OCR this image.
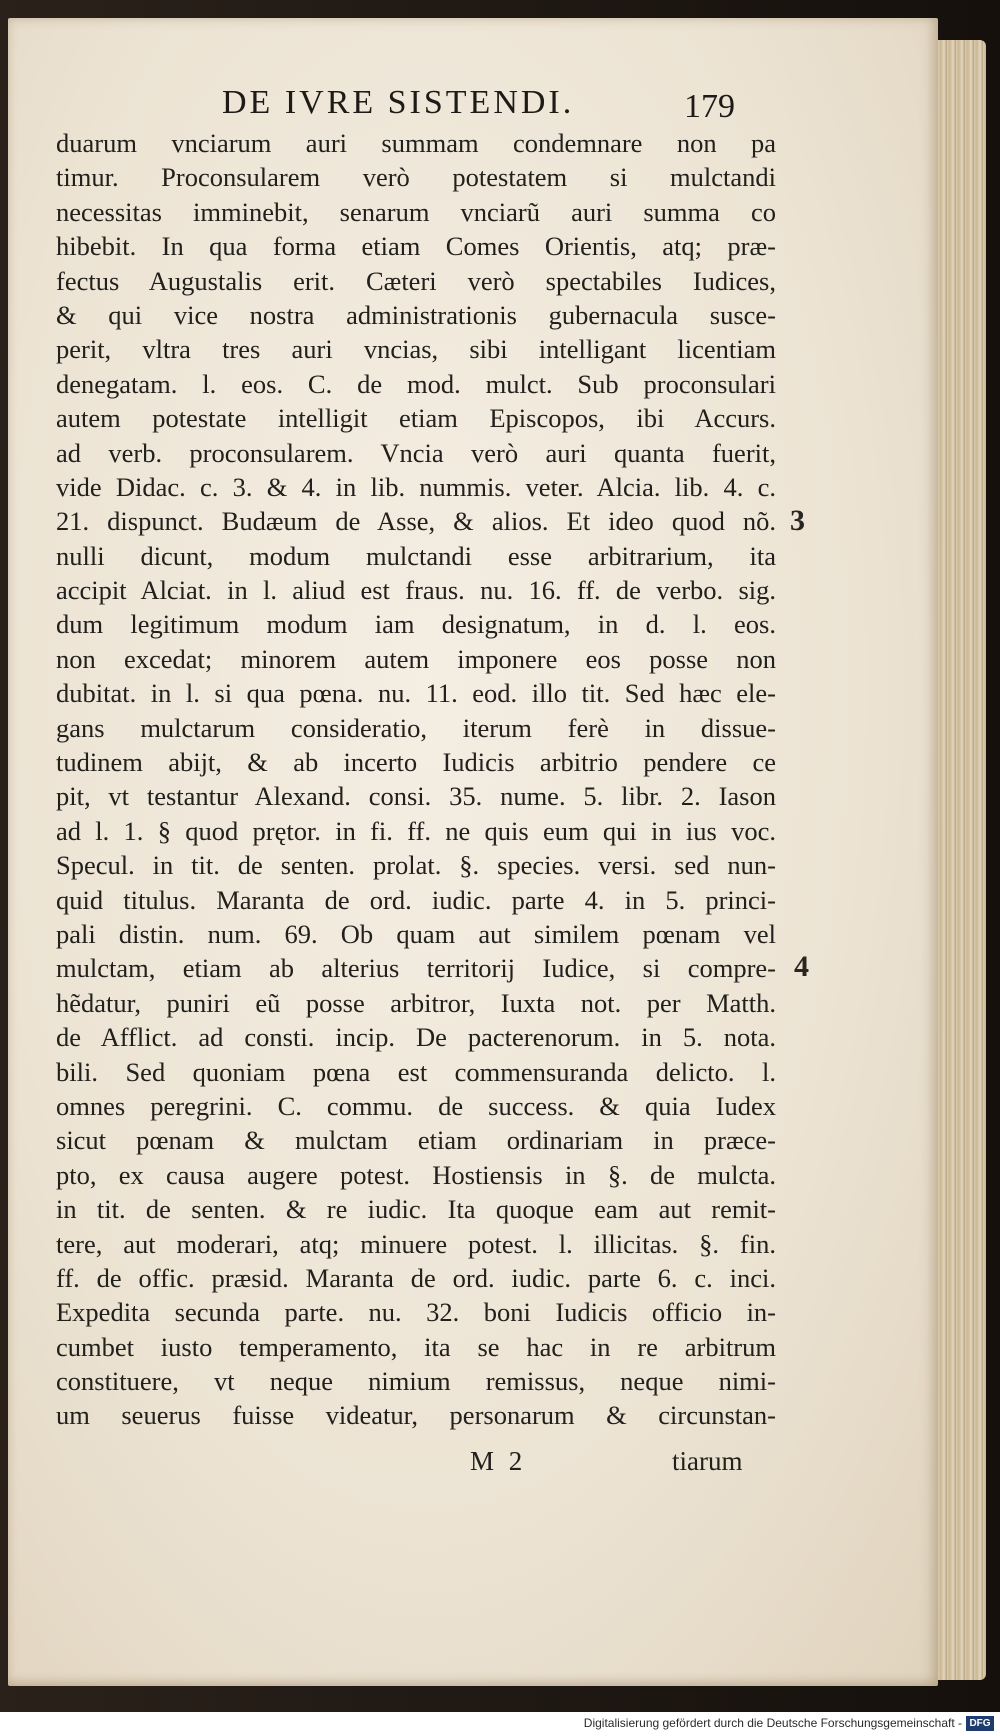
DE IVRE SISTENDI.	179
duarum vnciarum auri summam condemnare non pa
timur. Proconsularem verò potestatem si mulctandi
necessitas imminebit, senarum vnciarũ auri summa co
hibebit. In qua forma etiam Comes Orientis, atq; præ-
fectus Augustalis erit. Cæteri verò spectabiles Iudices,
& qui vice nostra administrationis gubernacula susce-
perit, vltra tres auri vncias, sibi intelligant licentiam
denegatam. l. eos. C. de mod. mulct. Sub proconsulari
autem potestate intelligit etiam Episcopos, ibi Accurs.
ad verb. proconsularem. Vncia verò auri quanta fuerit,
vide Didac. c. 3. & 4. in lib. nummis. veter. Alcia. lib. 4. c.
21. dispunct. Budæum de Asse, & alios. Et ideo quod nõ.
nulli dicunt, modum mulctandi esse arbitrarium, ita
accipit Alciat. in l. aliud est fraus. nu. 16. ff. de verbo. sig.
dum legitimum modum iam designatum, in d. l. eos.
non excedat; minorem autem imponere eos posse non
dubitat. in l. si qua pœna. nu. 11. eod. illo tit. Sed hæc ele-
gans mulctarum consideratio, iterum ferè in dissue-
tudinem abijt, & ab incerto Iudicis arbitrio pendere ce
pit, vt testantur Alexand. consi. 35. nume. 5. libr. 2. Iason
ad l. 1. § quod prętor. in fi. ff. ne quis eum qui in ius voc.
Specul. in tit. de senten. prolat. §. species. versi. sed nun-
quid titulus. Maranta de ord. iudic. parte 4. in 5. princi-
pali distin. num. 69. Ob quam aut similem pœnam vel
mulctam, etiam ab alterius territorij Iudice, si compre-
hẽdatur, puniri eũ posse arbitror, Iuxta not. per Matth.
de Afflict. ad consti. incip. De pacterenorum. in 5. nota.
bili. Sed quoniam pœna est commensuranda delicto. l.
omnes peregrini. C. commu. de success. & quia Iudex
sicut pœnam & mulctam etiam ordinariam in præce-
pto, ex causa augere potest. Hostiensis in §. de mulcta.
in tit. de senten. & re iudic. Ita quoque eam aut remit-
tere, aut moderari, atq; minuere potest. l. illicitas. §. fin.
ff. de offic. præsid. Maranta de ord. iudic. parte 6. c. inci.
Expedita secunda parte. nu. 32. boni Iudicis officio in-
cumbet iusto temperamento, ita se hac in re arbitrum
constituere, vt neque nimium remissus, neque nimi-
um seuerus fuisse videatur, personarum & circunstan-
3
4
M 2	tiarum
Digitalisierung gefördert durch die Deutsche Forschungsgemeinschaft - DFG
